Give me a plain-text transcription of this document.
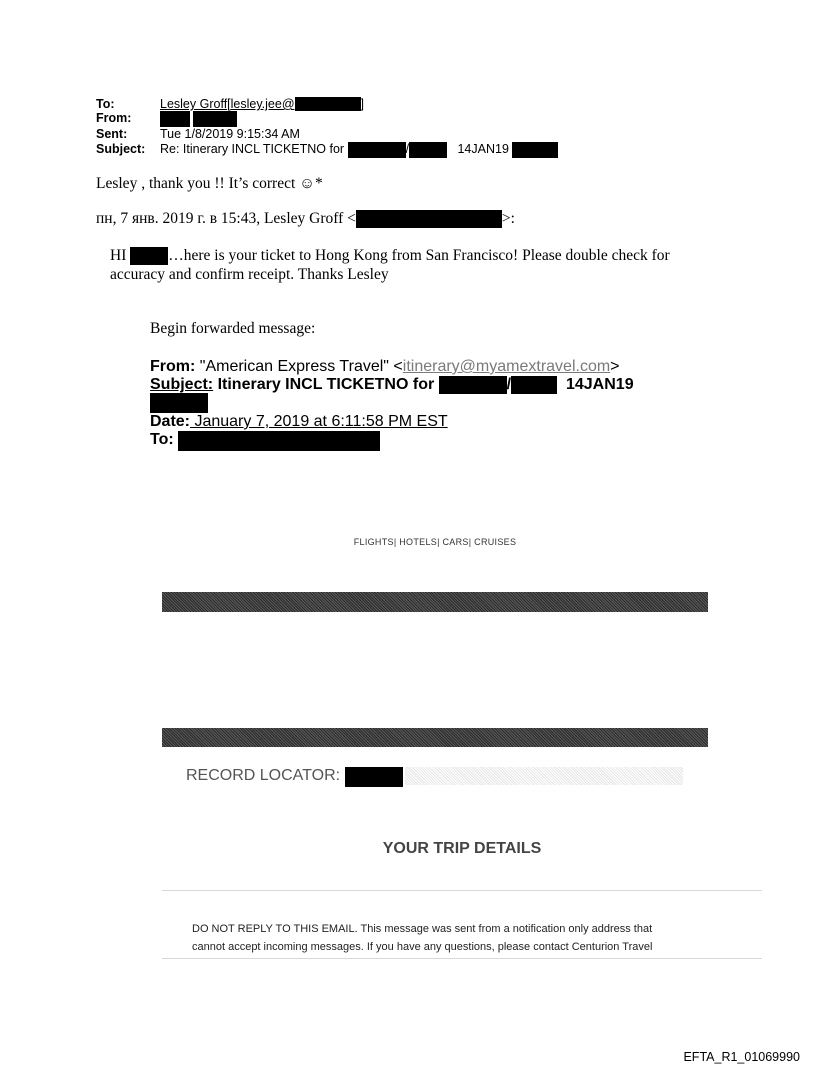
To:	Lesley Groff[lesley.jee@	]
From:

Sent:	Tue 1/8/2019 9:15:34 AM
Subject: Re: Itinerary INCL TICKETNO for	/	14JAN19
Lesley , thank you !! It’s correct ☺*
пн, 7 янв. 2019 г. в 15:43, Lesley Groff <	>:
HI	…here is your ticket to Hong Kong from San Francisco! Please double check for
accuracy and confirm receipt. Thanks Lesley
Begin forwarded message:
From: "American Express Travel" <itinerary@myamextravel.com>
Subject: Itinerary INCL TICKETNO for	/	14JAN19
Date: January 7, 2019 at 6:11:58 PM EST
To:
FLIGHTS| HOTELS| CARS| CRUISES
RECORD LOCATOR:
YOUR TRIP DETAILS
DO NOT REPLY TO THIS EMAIL. This message was sent from a notification only address that
cannot accept incoming messages. If you have any questions, please contact Centurion Travel
EFTA_R1_01069990
